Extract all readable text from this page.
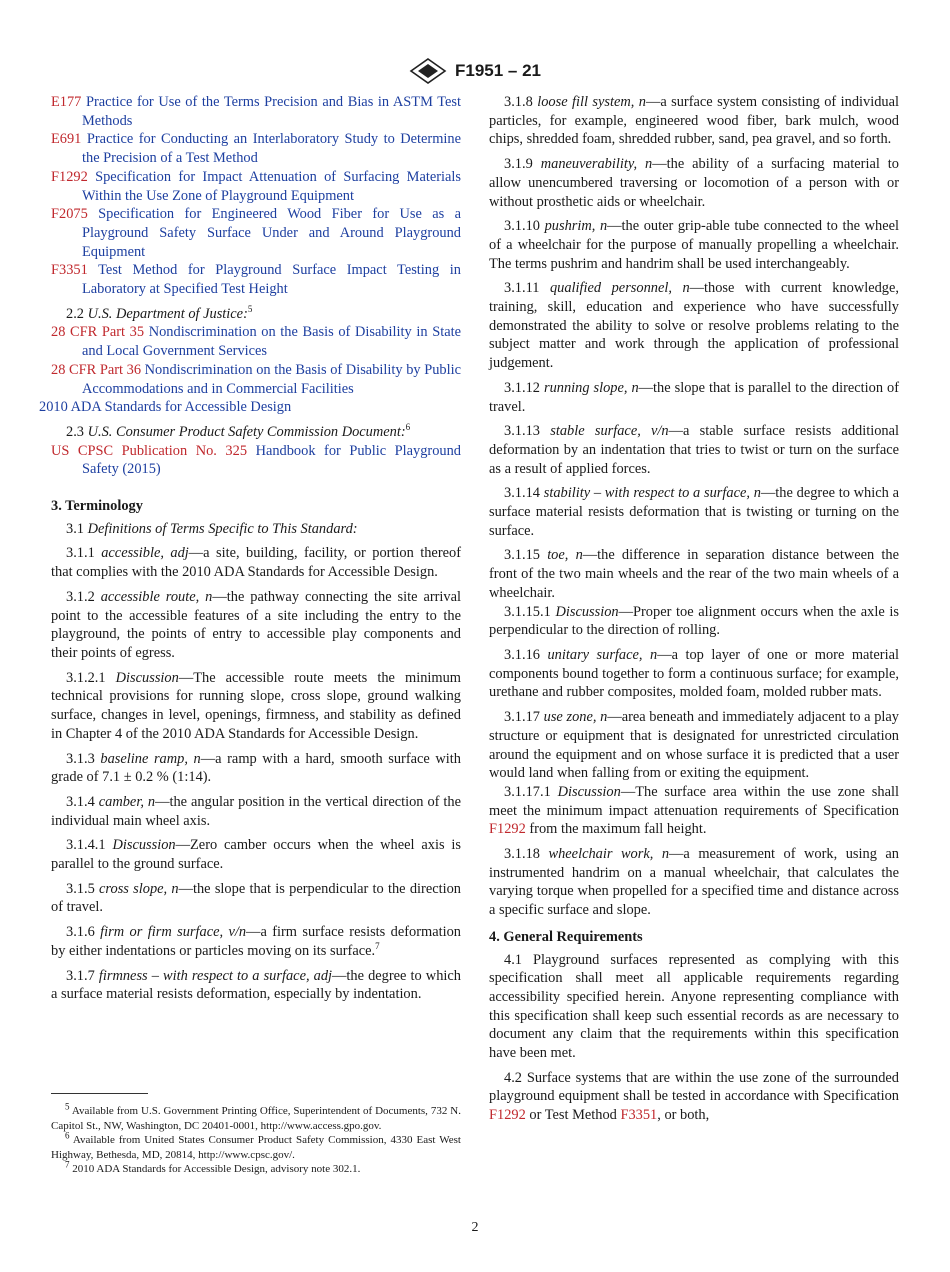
F1951 – 21

E177 Practice for Use of the Terms Precision and Bias in ASTM Test Methods

E691 Practice for Conducting an Interlaboratory Study to Determine the Precision of a Test Method

F1292 Specification for Impact Attenuation of Surfacing Materials Within the Use Zone of Playground Equipment

F2075 Specification for Engineered Wood Fiber for Use as a Playground Safety Surface Under and Around Playground Equipment

F3351 Test Method for Playground Surface Impact Testing in Laboratory at Specified Test Height

2.2 U.S. Department of Justice:$^5$

28 CFR Part 35 Nondiscrimination on the Basis of Disability in State and Local Government Services

28 CFR Part 36 Nondiscrimination on the Basis of Disability by Public Accommodations and in Commercial Facilities

2010 ADA Standards for Accessible Design

2.3 U.S. Consumer Product Safety Commission Document:$^6$

US CPSC Publication No. 325 Handbook for Public Playground Safety (2015)

3. Terminology

3.1 Definitions of Terms Specific to This Standard:

3.1.1 accessible, adj—a site, building, facility, or portion thereof that complies with the 2010 ADA Standards for Accessible Design.

3.1.2 accessible route, n—the pathway connecting the site arrival point to the accessible features of a site including the entry to the playground, the points of entry to accessible play components and their points of egress.

3.1.2.1 Discussion—The accessible route meets the minimum technical provisions for running slope, cross slope, ground walking surface, changes in level, openings, firmness, and stability as defined in Chapter 4 of the 2010 ADA Standards for Accessible Design.

3.1.3 baseline ramp, n—a ramp with a hard, smooth surface with grade of 7.1 ± 0.2 % (1:14).

3.1.4 camber, n—the angular position in the vertical direction of the individual main wheel axis.

3.1.4.1 Discussion—Zero camber occurs when the wheel axis is parallel to the ground surface.

3.1.5 cross slope, n—the slope that is perpendicular to the direction of travel.

3.1.6 firm or firm surface, v/n—a firm surface resists deformation by either indentations or particles moving on its surface.$^7$

3.1.7 firmness – with respect to a surface, adj—the degree to which a surface material resists deformation, especially by indentation.

3.1.8 loose fill system, n—a surface system consisting of individual particles, for example, engineered wood fiber, bark mulch, wood chips, shredded foam, shredded rubber, sand, pea gravel, and so forth.

3.1.9 maneuverability, n—the ability of a surfacing material to allow unencumbered traversing or locomotion of a person with or without prosthetic aids or wheelchair.

3.1.10 pushrim, n—the outer grip-able tube connected to the wheel of a wheelchair for the purpose of manually propelling a wheelchair. The terms pushrim and handrim shall be used interchangeably.

3.1.11 qualified personnel, n—those with current knowledge, training, skill, education and experience who have successfully demonstrated the ability to solve or resolve problems relating to the subject matter and work through the application of professional judgement.

3.1.12 running slope, n—the slope that is parallel to the direction of travel.

3.1.13 stable surface, v/n—a stable surface resists additional deformation by an indentation that tries to twist or turn on the surface as a result of applied forces.

3.1.14 stability – with respect to a surface, n—the degree to which a surface material resists deformation that is twisting or turning on the surface.

3.1.15 toe, n—the difference in separation distance between the front of the two main wheels and the rear of the two main wheels of a wheelchair.

3.1.15.1 Discussion—Proper toe alignment occurs when the axle is perpendicular to the direction of rolling.

3.1.16 unitary surface, n—a top layer of one or more material components bound together to form a continuous surface; for example, urethane and rubber composites, molded foam, molded rubber mats.

3.1.17 use zone, n—area beneath and immediately adjacent to a play structure or equipment that is designated for unrestricted circulation around the equipment and on whose surface it is predicted that a user would land when falling from or exiting the equipment.

3.1.17.1 Discussion—The surface area within the use zone shall meet the minimum impact attenuation requirements of Specification F1292 from the maximum fall height.

3.1.18 wheelchair work, n—a measurement of work, using an instrumented handrim on a manual wheelchair, that calculates the varying torque when propelled for a specified time and distance across a specific surface and slope.

4. General Requirements

4.1 Playground surfaces represented as complying with this specification shall meet all applicable requirements regarding accessibility specified herein. Anyone representing compliance with this specification shall keep such essential records as are necessary to document any claim that the requirements within this specification have been met.

4.2 Surface systems that are within the use zone of the surrounded playground equipment shall be tested in accordance with Specification F1292 or Test Method F3351, or both,

$^5$ Available from U.S. Government Printing Office, Superintendent of Documents, 732 N. Capitol St., NW, Washington, DC 20401-0001, http://www.access.gpo.gov.

$^6$ Available from United States Consumer Product Safety Commission, 4330 East West Highway, Bethesda, MD, 20814, http://www.cpsc.gov/.

$^7$ 2010 ADA Standards for Accessible Design, advisory note 302.1.

2
